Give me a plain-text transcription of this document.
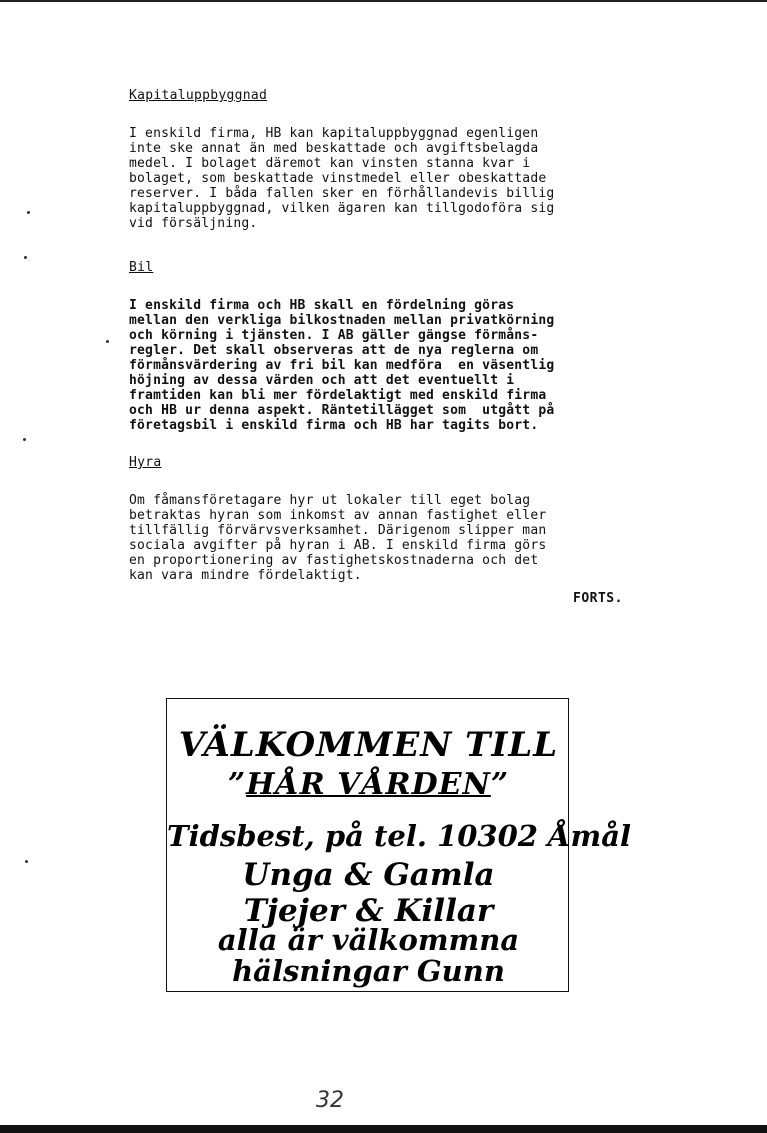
Kapitaluppbyggnad
I enskild firma, HB kan kapitaluppbyggnad egenligen
inte ske annat än med beskattade och avgiftsbelagda
medel. I bolaget däremot kan vinsten stanna kvar i
bolaget, som beskattade vinstmedel eller obeskattade
reserver. I båda fallen sker en förhållandevis billig
kapitaluppbyggnad, vilken ägaren kan tillgodoföra sig
vid försäljning.
Bil
I enskild firma och HB skall en fördelning göras
mellan den verkliga bilkostnaden mellan privatkörning
och körning i tjänsten. I AB gäller gängse förmåns-
regler. Det skall observeras att de nya reglerna om
förmånsvärdering av fri bil kan medföra  en väsentlig
höjning av dessa värden och att det eventuellt i
framtiden kan bli mer fördelaktigt med enskild firma
och HB ur denna aspekt. Räntetillägget som  utgått på
företagsbil i enskild firma och HB har tagits bort.
Hyra
Om fåmansföretagare hyr ut lokaler till eget bolag
betraktas hyran som inkomst av annan fastighet eller
tillfällig förvärvsverksamhet. Därigenom slipper man
sociala avgifter på hyran i AB. I enskild firma görs
en proportionering av fastighetskostnaderna och det
kan vara mindre fördelaktigt.
FORTS.
VÄLKOMMEN TILL
”HÅR VÅRDEN”
Tidsbest, på tel. 10302 Åmål
Unga & Gamla
Tjejer & Killar
alla är välkommna
hälsningar Gunn
32
